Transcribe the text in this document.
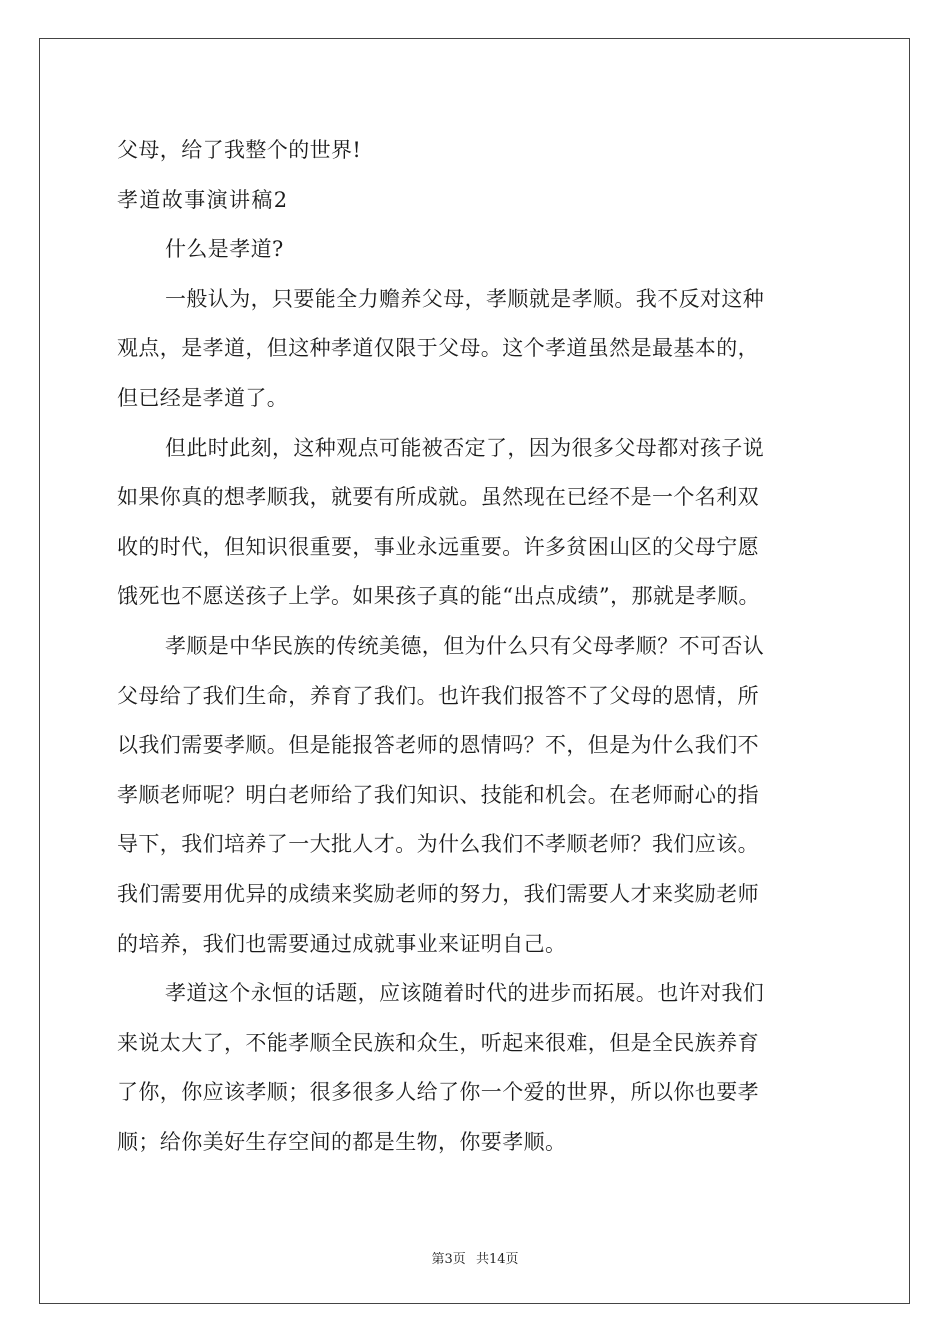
父母，给了我整个的世界!
孝道故事演讲稿2
什么是孝道?
一般认为，只要能全力赡养父母，孝顺就是孝顺。我不反对这种
观点，是孝道，但这种孝道仅限于父母。这个孝道虽然是最基本的，
但已经是孝道了。
但此时此刻，这种观点可能被否定了，因为很多父母都对孩子说
如果你真的想孝顺我，就要有所成就。虽然现在已经不是一个名利双
收的时代，但知识很重要，事业永远重要。许多贫困山区的父母宁愿
饿死也不愿送孩子上学。如果孩子真的能“出点成绩”，那就是孝顺。
孝顺是中华民族的传统美德，但为什么只有父母孝顺？不可否认
父母给了我们生命，养育了我们。也许我们报答不了父母的恩情，所
以我们需要孝顺。但是能报答老师的恩情吗？不，但是为什么我们不
孝顺老师呢？明白老师给了我们知识、技能和机会。在老师耐心的指
导下，我们培养了一大批人才。为什么我们不孝顺老师？我们应该。
我们需要用优异的成绩来奖励老师的努力，我们需要人才来奖励老师
的培养，我们也需要通过成就事业来证明自己。
孝道这个永恒的话题，应该随着时代的进步而拓展。也许对我们
来说太大了，不能孝顺全民族和众生，听起来很难，但是全民族养育
了你，你应该孝顺；很多很多人给了你一个爱的世界，所以你也要孝
顺；给你美好生存空间的都是生物，你要孝顺。
第3页 共14页
